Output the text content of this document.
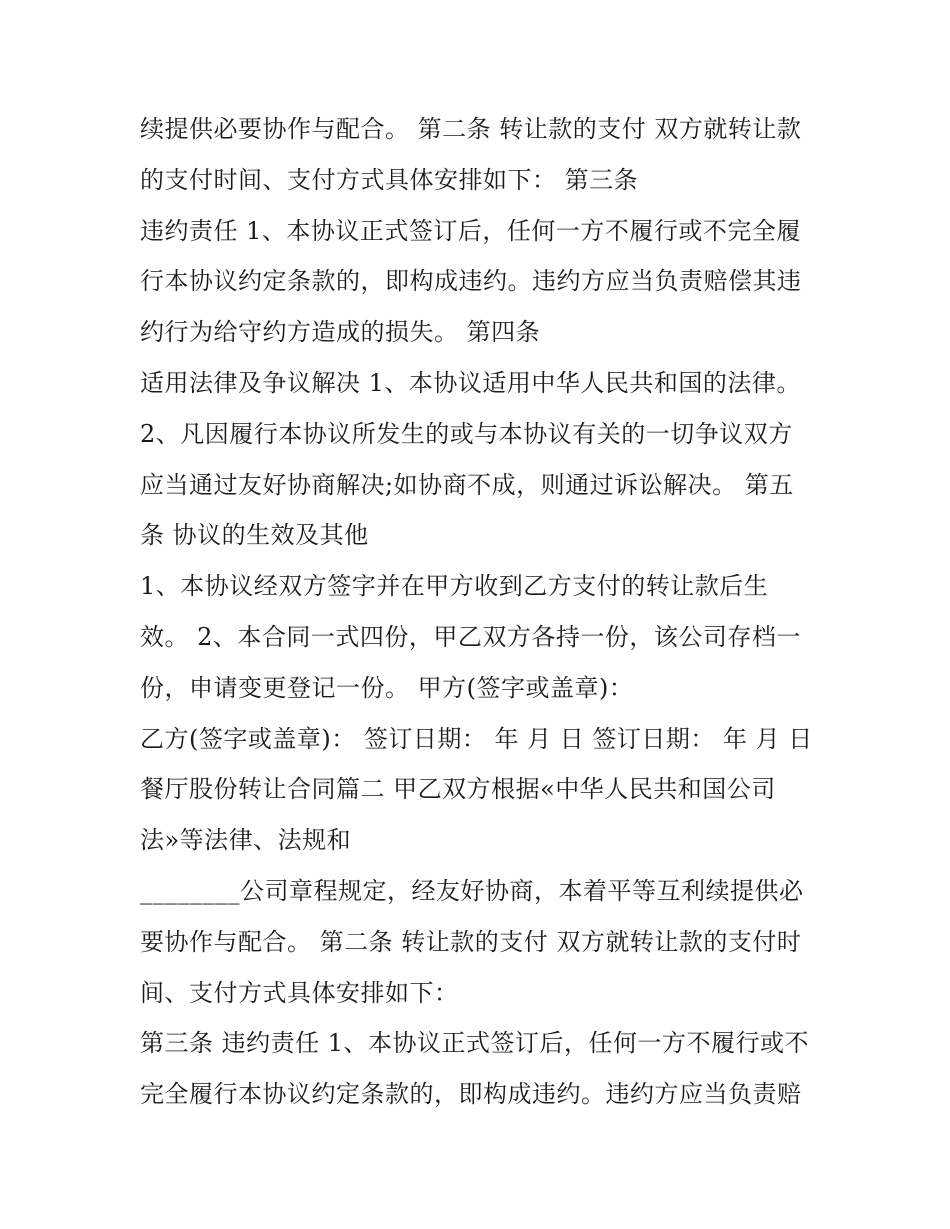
续提供必要协作与配合。 第二条 转让款的支付 双方就转让款
的支付时间、支付方式具体安排如下： 第三条
违约责任 1、本协议正式签订后，任何一方不履行或不完全履
行本协议约定条款的，即构成违约。违约方应当负责赔偿其违
约行为给守约方造成的损失。 第四条
适用法律及争议解决 1、本协议适用中华人民共和国的法律。
2、凡因履行本协议所发生的或与本协议有关的一切争议双方
应当通过友好协商解决;如协商不成，则通过诉讼解决。 第五
条 协议的生效及其他
1、本协议经双方签字并在甲方收到乙方支付的转让款后生
效。 2、本合同一式四份，甲乙双方各持一份，该公司存档一
份，申请变更登记一份。 甲方(签字或盖章)：
乙方(签字或盖章)： 签订日期： 年 月 日 签订日期： 年 月 日
餐厅股份转让合同篇二 甲乙双方根据«中华人民共和国公司
法»等法律、法规和
________公司章程规定，经友好协商，本着平等互利续提供必
要协作与配合。 第二条 转让款的支付 双方就转让款的支付时
间、支付方式具体安排如下：
第三条 违约责任 1、本协议正式签订后，任何一方不履行或不
完全履行本协议约定条款的，即构成违约。违约方应当负责赔
